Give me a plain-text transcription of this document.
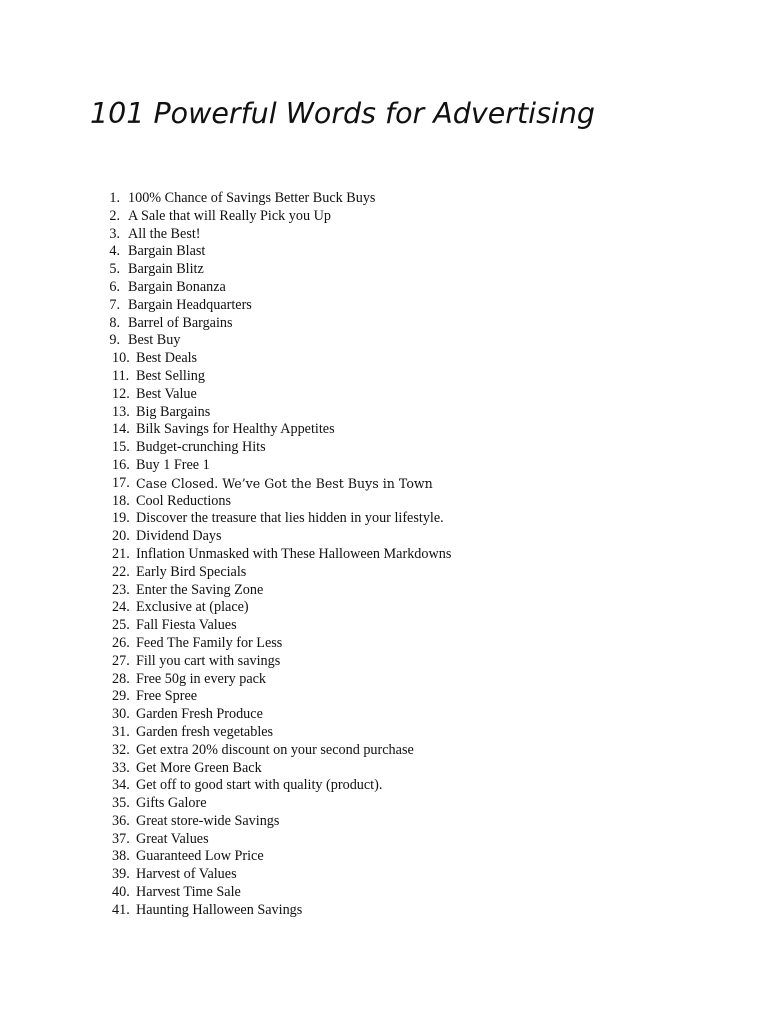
101 Powerful Words for Advertising
1. 100% Chance of Savings Better Buck Buys
2. A Sale that will Really Pick you Up
3. All the Best!
4. Bargain Blast
5. Bargain Blitz
6. Bargain Bonanza
7. Bargain Headquarters
8. Barrel of Bargains
9. Best Buy
10. Best Deals
11. Best Selling
12. Best Value
13. Big Bargains
14. Bilk Savings for Healthy Appetites
15. Budget-crunching Hits
16. Buy 1 Free 1
17. Case Closed. We’ve Got the Best Buys in Town
18. Cool Reductions
19. Discover the treasure that lies hidden in your lifestyle.
20. Dividend Days
21. Inflation Unmasked with These Halloween Markdowns
22. Early Bird Specials
23. Enter the Saving Zone
24. Exclusive at (place)
25. Fall Fiesta Values
26. Feed The Family for Less
27. Fill you cart with savings
28. Free 50g in every pack
29. Free Spree
30. Garden Fresh Produce
31. Garden fresh vegetables
32. Get extra 20% discount on your second purchase
33. Get More Green Back
34. Get off to good start with quality (product).
35. Gifts Galore
36. Great store-wide Savings
37. Great Values
38. Guaranteed Low Price
39. Harvest of Values
40. Harvest Time Sale
41. Haunting Halloween Savings
